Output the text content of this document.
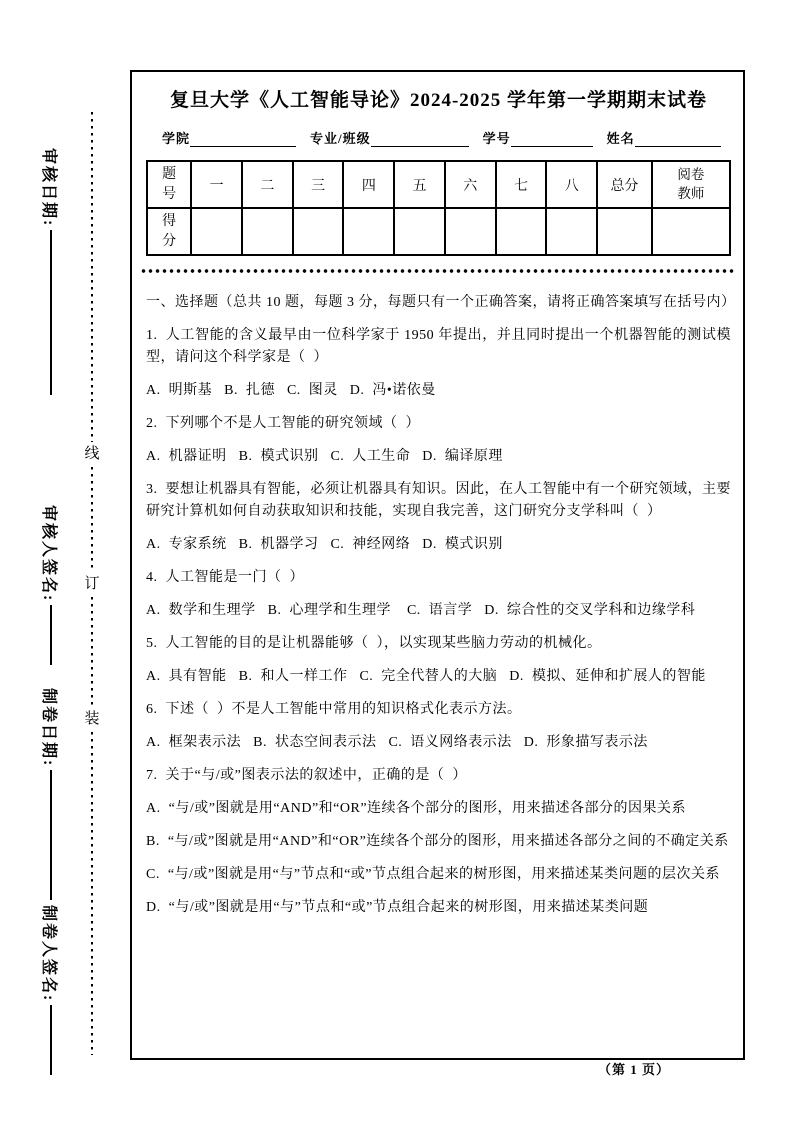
审核日期:
审核人签名:
制卷日期:
制卷人签名:
线
订
装
复旦大学《人工智能导论》2024-2025 学年第一学期期末试卷
学院	专业/班级	学号	姓名
题号	一	二	三	四	五	六	七	八	总分	阅卷教师
得分										

一、选择题（总共 10 题，每题 3 分，每题只有一个正确答案，请将正确答案填写在括号内）

1.  人工智能的含义最早由一位科学家于 1950 年提出，并且同时提出一个机器智能的测试模型，请问这个科学家是（  ）

A.  明斯基   B.  扎德   C.  图灵   D.  冯•诺依曼

2.  下列哪个不是人工智能的研究领域（  ）

A.  机器证明   B.  模式识别   C.  人工生命   D.  编译原理

3.  要想让机器具有智能，必须让机器具有知识。因此，在人工智能中有一个研究领域，主要研究计算机如何自动获取知识和技能，实现自我完善，这门研究分支学科叫（  ）

A.  专家系统   B.  机器学习   C.  神经网络   D.  模式识别

4.  人工智能是一门（  ）

A.  数学和生理学   B.  心理学和生理学    C.  语言学   D.  综合性的交叉学科和边缘学科

5.  人工智能的目的是让机器能够（  ），以实现某些脑力劳动的机械化。

A.  具有智能   B.  和人一样工作   C.  完全代替人的大脑   D.  模拟、延伸和扩展人的智能

6.  下述（  ）不是人工智能中常用的知识格式化表示方法。

A.  框架表示法   B.  状态空间表示法   C.  语义网络表示法   D.  形象描写表示法

7.  关于“与/或”图表示法的叙述中，正确的是（  ）

A.  “与/或”图就是用“AND”和“OR”连续各个部分的图形，用来描述各部分的因果关系

B.  “与/或”图就是用“AND”和“OR”连续各个部分的图形，用来描述各部分之间的不确定关系

C.  “与/或”图就是用“与”节点和“或”节点组合起来的树形图，用来描述某类问题的层次关系

D.  “与/或”图就是用“与”节点和“或”节点组合起来的树形图，用来描述某类问题

（第 1 页）
